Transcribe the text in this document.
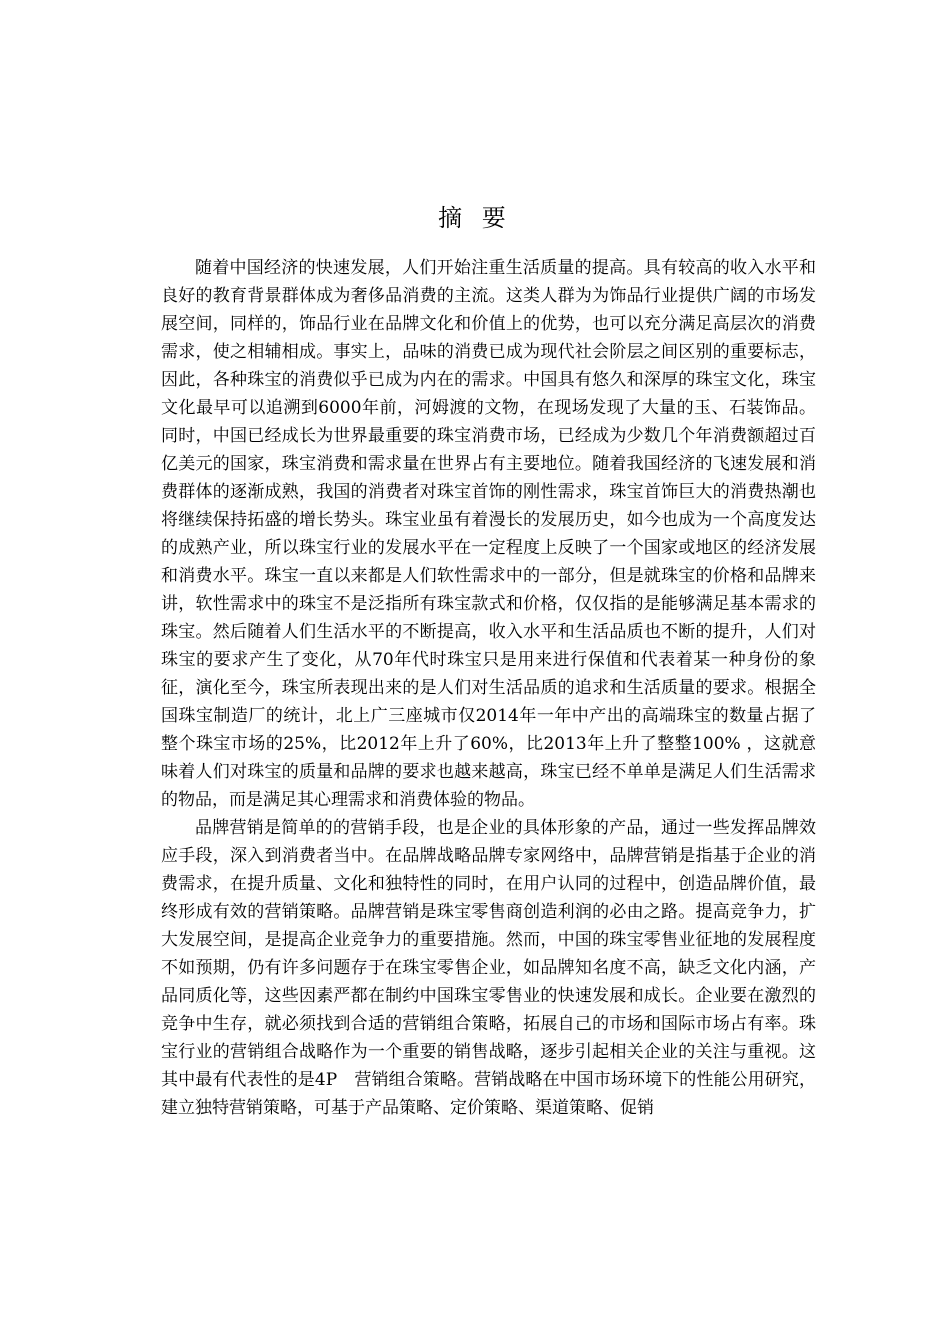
摘 要

随着中国经济的快速发展，人们开始注重生活质量的提高。具有较高的收入水平和良好的教育背景群体成为奢侈品消费的主流。这类人群为为饰品行业提供广阔的市场发展空间，同样的，饰品行业在品牌文化和价值上的优势，也可以充分满足高层次的消费需求，使之相辅相成。事实上，品味的消费已成为现代社会阶层之间区别的重要标志，因此，各种珠宝的消费似乎已成为内在的需求。中国具有悠久和深厚的珠宝文化，珠宝文化最早可以追溯到6000年前，河姆渡的文物，在现场发现了大量的玉、石装饰品。同时，中国已经成长为世界最重要的珠宝消费市场，已经成为少数几个年消费额超过百亿美元的国家，珠宝消费和需求量在世界占有主要地位。随着我国经济的飞速发展和消费群体的逐渐成熟，我国的消费者对珠宝首饰的刚性需求，珠宝首饰巨大的消费热潮也将继续保持拓盛的增长势头。珠宝业虽有着漫长的发展历史，如今也成为一个高度发达的成熟产业，所以珠宝行业的发展水平在一定程度上反映了一个国家或地区的经济发展和消费水平。珠宝一直以来都是人们软性需求中的一部分，但是就珠宝的价格和品牌来讲，软性需求中的珠宝不是泛指所有珠宝款式和价格，仅仅指的是能够满足基本需求的珠宝。然后随着人们生活水平的不断提高，收入水平和生活品质也不断的提升，人们对珠宝的要求产生了变化，从70年代时珠宝只是用来进行保值和代表着某一种身份的象征，演化至今，珠宝所表现出来的是人们对生活品质的追求和生活质量的要求。根据全国珠宝制造厂的统计，北上广三座城市仅2014年一年中产出的高端珠宝的数量占据了整个珠宝市场的25%，比2012年上升了60%，比2013年上升了整整100% ，这就意味着人们对珠宝的质量和品牌的要求也越来越高，珠宝已经不单单是满足人们生活需求的物品，而是满足其心理需求和消费体验的物品。

品牌营销是简单的的营销手段，也是企业的具体形象的产品，通过一些发挥品牌效应手段，深入到消费者当中。在品牌战略品牌专家网络中，品牌营销是指基于企业的消费需求，在提升质量、文化和独特性的同时，在用户认同的过程中，创造品牌价值，最终形成有效的营销策略。品牌营销是珠宝零售商创造利润的必由之路。提高竞争力，扩大发展空间，是提高企业竞争力的重要措施。然而，中国的珠宝零售业征地的发展程度不如预期，仍有许多问题存于在珠宝零售企业，如品牌知名度不高，缺乏文化内涵，产品同质化等，这些因素严都在制约中国珠宝零售业的快速发展和成长。企业要在激烈的竞争中生存，就必须找到合适的营销组合策略，拓展自己的市场和国际市场占有率。珠宝行业的营销组合战略作为一个重要的销售战略，逐步引起相关企业的关注与重视。这其中最有代表性的是4P　营销组合策略。营销战略在中国市场环境下的性能公用研究，建立独特营销策略，可基于产品策略、定价策略、渠道策略、促销
